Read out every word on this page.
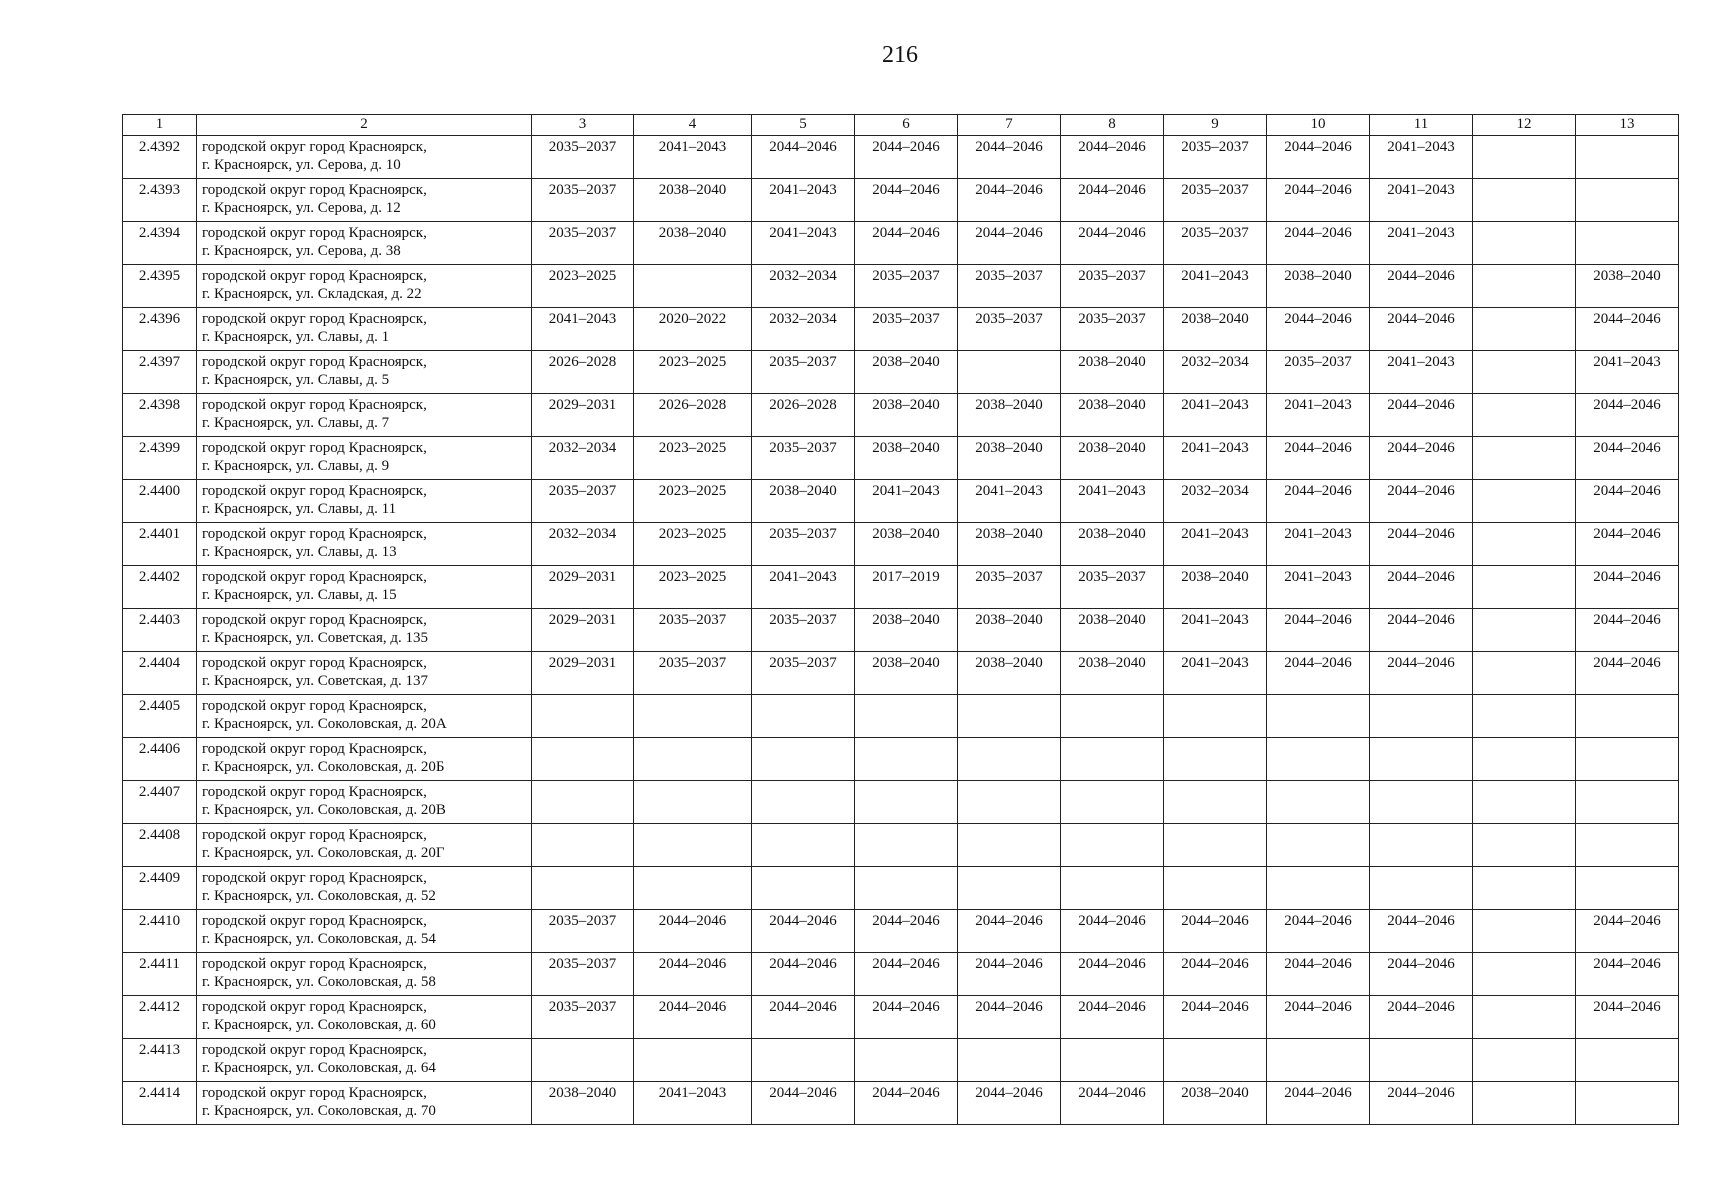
216
1	2	3	4	5	6	7	8	9	10	11	12	13
2.4392	городской округ город Красноярск,
г. Красноярск, ул. Серова, д. 10	2035–2037	2041–2043	2044–2046	2044–2046	2044–2046	2044–2046	2035–2037	2044–2046	2041–2043		
2.4393	городской округ город Красноярск,
г. Красноярск, ул. Серова, д. 12	2035–2037	2038–2040	2041–2043	2044–2046	2044–2046	2044–2046	2035–2037	2044–2046	2041–2043		
2.4394	городской округ город Красноярск,
г. Красноярск, ул. Серова, д. 38	2035–2037	2038–2040	2041–2043	2044–2046	2044–2046	2044–2046	2035–2037	2044–2046	2041–2043		
2.4395	городской округ город Красноярск,
г. Красноярск, ул. Складская, д. 22	2023–2025		2032–2034	2035–2037	2035–2037	2035–2037	2041–2043	2038–2040	2044–2046		2038–2040
2.4396	городской округ город Красноярск,
г. Красноярск, ул. Славы, д. 1	2041–2043	2020–2022	2032–2034	2035–2037	2035–2037	2035–2037	2038–2040	2044–2046	2044–2046		2044–2046
2.4397	городской округ город Красноярск,
г. Красноярск, ул. Славы, д. 5	2026–2028	2023–2025	2035–2037	2038–2040		2038–2040	2032–2034	2035–2037	2041–2043		2041–2043
2.4398	городской округ город Красноярск,
г. Красноярск, ул. Славы, д. 7	2029–2031	2026–2028	2026–2028	2038–2040	2038–2040	2038–2040	2041–2043	2041–2043	2044–2046		2044–2046
2.4399	городской округ город Красноярск,
г. Красноярск, ул. Славы, д. 9	2032–2034	2023–2025	2035–2037	2038–2040	2038–2040	2038–2040	2041–2043	2044–2046	2044–2046		2044–2046
2.4400	городской округ город Красноярск,
г. Красноярск, ул. Славы, д. 11	2035–2037	2023–2025	2038–2040	2041–2043	2041–2043	2041–2043	2032–2034	2044–2046	2044–2046		2044–2046
2.4401	городской округ город Красноярск,
г. Красноярск, ул. Славы, д. 13	2032–2034	2023–2025	2035–2037	2038–2040	2038–2040	2038–2040	2041–2043	2041–2043	2044–2046		2044–2046
2.4402	городской округ город Красноярск,
г. Красноярск, ул. Славы, д. 15	2029–2031	2023–2025	2041–2043	2017–2019	2035–2037	2035–2037	2038–2040	2041–2043	2044–2046		2044–2046
2.4403	городской округ город Красноярск,
г. Красноярск, ул. Советская, д. 135	2029–2031	2035–2037	2035–2037	2038–2040	2038–2040	2038–2040	2041–2043	2044–2046	2044–2046		2044–2046
2.4404	городской округ город Красноярск,
г. Красноярск, ул. Советская, д. 137	2029–2031	2035–2037	2035–2037	2038–2040	2038–2040	2038–2040	2041–2043	2044–2046	2044–2046		2044–2046
2.4405	городской округ город Красноярск,
г. Красноярск, ул. Соколовская, д. 20А											

2.4406	городской округ город Красноярск,
г. Красноярск, ул. Соколовская, д. 20Б											

2.4407	городской округ город Красноярск,
г. Красноярск, ул. Соколовская, д. 20В											

2.4408	городской округ город Красноярск,
г. Красноярск, ул. Соколовская, д. 20Г											

2.4409	городской округ город Красноярск,
г. Красноярск, ул. Соколовская, д. 52											

2.4410	городской округ город Красноярск,
г. Красноярск, ул. Соколовская, д. 54	2035–2037	2044–2046	2044–2046	2044–2046	2044–2046	2044–2046	2044–2046	2044–2046	2044–2046		2044–2046
2.4411	городской округ город Красноярск,
г. Красноярск, ул. Соколовская, д. 58	2035–2037	2044–2046	2044–2046	2044–2046	2044–2046	2044–2046	2044–2046	2044–2046	2044–2046		2044–2046
2.4412	городской округ город Красноярск,
г. Красноярск, ул. Соколовская, д. 60	2035–2037	2044–2046	2044–2046	2044–2046	2044–2046	2044–2046	2044–2046	2044–2046	2044–2046		2044–2046
2.4413	городской округ город Красноярск,
г. Красноярск, ул. Соколовская, д. 64											

2.4414	городской округ город Красноярск,
г. Красноярск, ул. Соколовская, д. 70	2038–2040	2041–2043	2044–2046	2044–2046	2044–2046	2044–2046	2038–2040	2044–2046	2044–2046		
